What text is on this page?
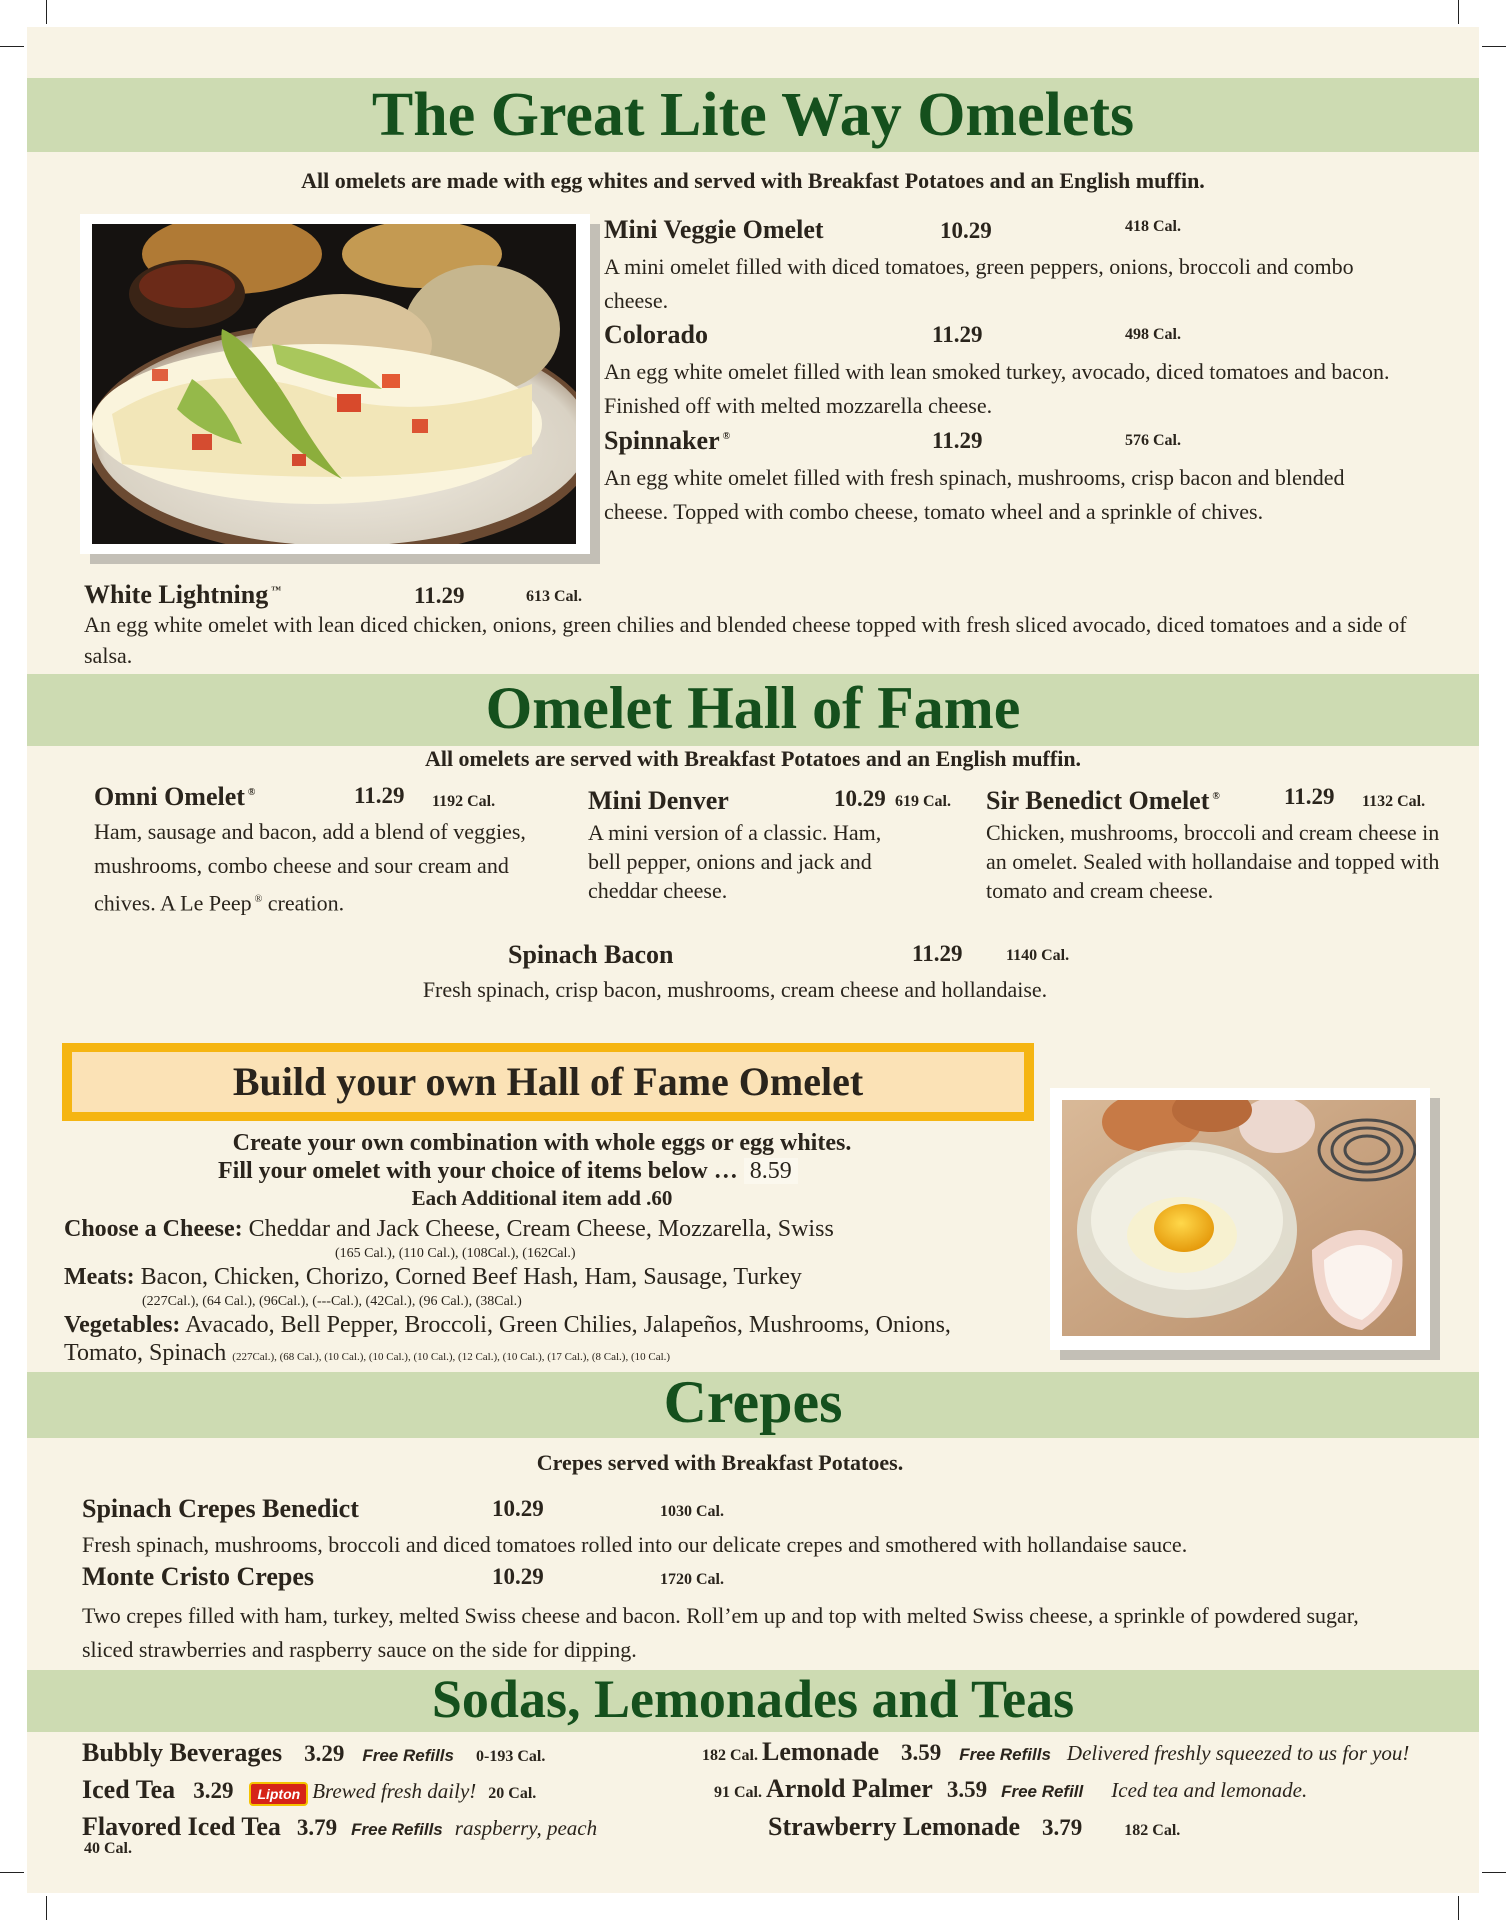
The Great Lite Way Omelets
All omelets are made with egg whites and served with Breakfast Potatoes and an English muffin.
Mini Veggie Omelet	10.29	418 Cal.
A mini omelet filled with diced tomatoes, green peppers, onions, broccoli and combo cheese.
Colorado	11.29	498 Cal.
An egg white omelet filled with lean smoked turkey, avocado, diced tomatoes and bacon. Finished off with melted mozzarella cheese.
Spinnaker ®	11.29	576 Cal.
An egg white omelet filled with fresh spinach, mushrooms, crisp bacon and blended cheese. Topped with combo cheese, tomato wheel and a sprinkle of chives.
White Lightning ™	11.29	613 Cal.
An egg white omelet with lean diced chicken, onions, green chilies and blended cheese topped with fresh sliced avocado, diced tomatoes and a side of salsa.
Omelet Hall of Fame
All omelets are served with Breakfast Potatoes and an English muffin.
Omni Omelet ®	11.29 1192 Cal.
Ham, sausage and bacon, add a blend of veggies, mushrooms, combo cheese and sour cream and chives. A Le Peep ® creation.
Mini Denver	10.29 619 Cal.
A mini version of a classic. Ham, bell pepper, onions and jack and cheddar cheese.
Sir Benedict Omelet ®	11.29 1132 Cal.
Chicken, mushrooms, broccoli and cream cheese in an omelet. Sealed with hollandaise and topped with tomato and cream cheese.
Spinach Bacon	11.29	1140 Cal.
Fresh spinach, crisp bacon, mushrooms, cream cheese and hollandaise.
Build your own Hall of Fame Omelet
Create your own combination with whole eggs or egg whites.
Fill your omelet with your choice of items below … 8.59
Each Additional item add .60
Choose a Cheese: Cheddar and Jack Cheese, Cream Cheese, Mozzarella, Swiss
(165 Cal.), (110 Cal.), (108Cal.), (162Cal.)
Meats: Bacon, Chicken, Chorizo, Corned Beef Hash, Ham, Sausage, Turkey
(227Cal.), (64 Cal.), (96Cal.), (---Cal.), (42Cal.), (96 Cal.), (38Cal.)
Vegetables: Avacado, Bell Pepper, Broccoli, Green Chilies, Jalapeños, Mushrooms, Onions,
Tomato, Spinach (227Cal.), (68 Cal.), (10 Cal.), (10 Cal.), (10 Cal.), (12 Cal.), (10 Cal.), (17 Cal.), (8 Cal.), (10 Cal.)
Crepes
Crepes served with Breakfast Potatoes.
Spinach Crepes Benedict	10.29	1030 Cal.
Fresh spinach, mushrooms, broccoli and diced tomatoes rolled into our delicate crepes and smothered with hollandaise sauce.
Monte Cristo Crepes	10.29	1720 Cal.
Two crepes filled with ham, turkey, melted Swiss cheese and bacon. Roll’em up and top with melted Swiss cheese, a sprinkle of powdered sugar, sliced strawberries and raspberry sauce on the side for dipping.
Sodas, Lemonades and Teas
Bubbly Beverages 3.29 Free Refills 0-193 Cal.
Iced Tea 3.29 Lipton Brewed fresh daily! 20 Cal.
Flavored Iced Tea 3.79 Free Refills raspberry, peach
40 Cal.
182 Cal. Lemonade 3.59 Free Refills Delivered freshly squeezed to us for you!
91 Cal. Arnold Palmer 3.59 Free Refill Iced tea and lemonade.
Strawberry Lemonade 3.79	182 Cal.
